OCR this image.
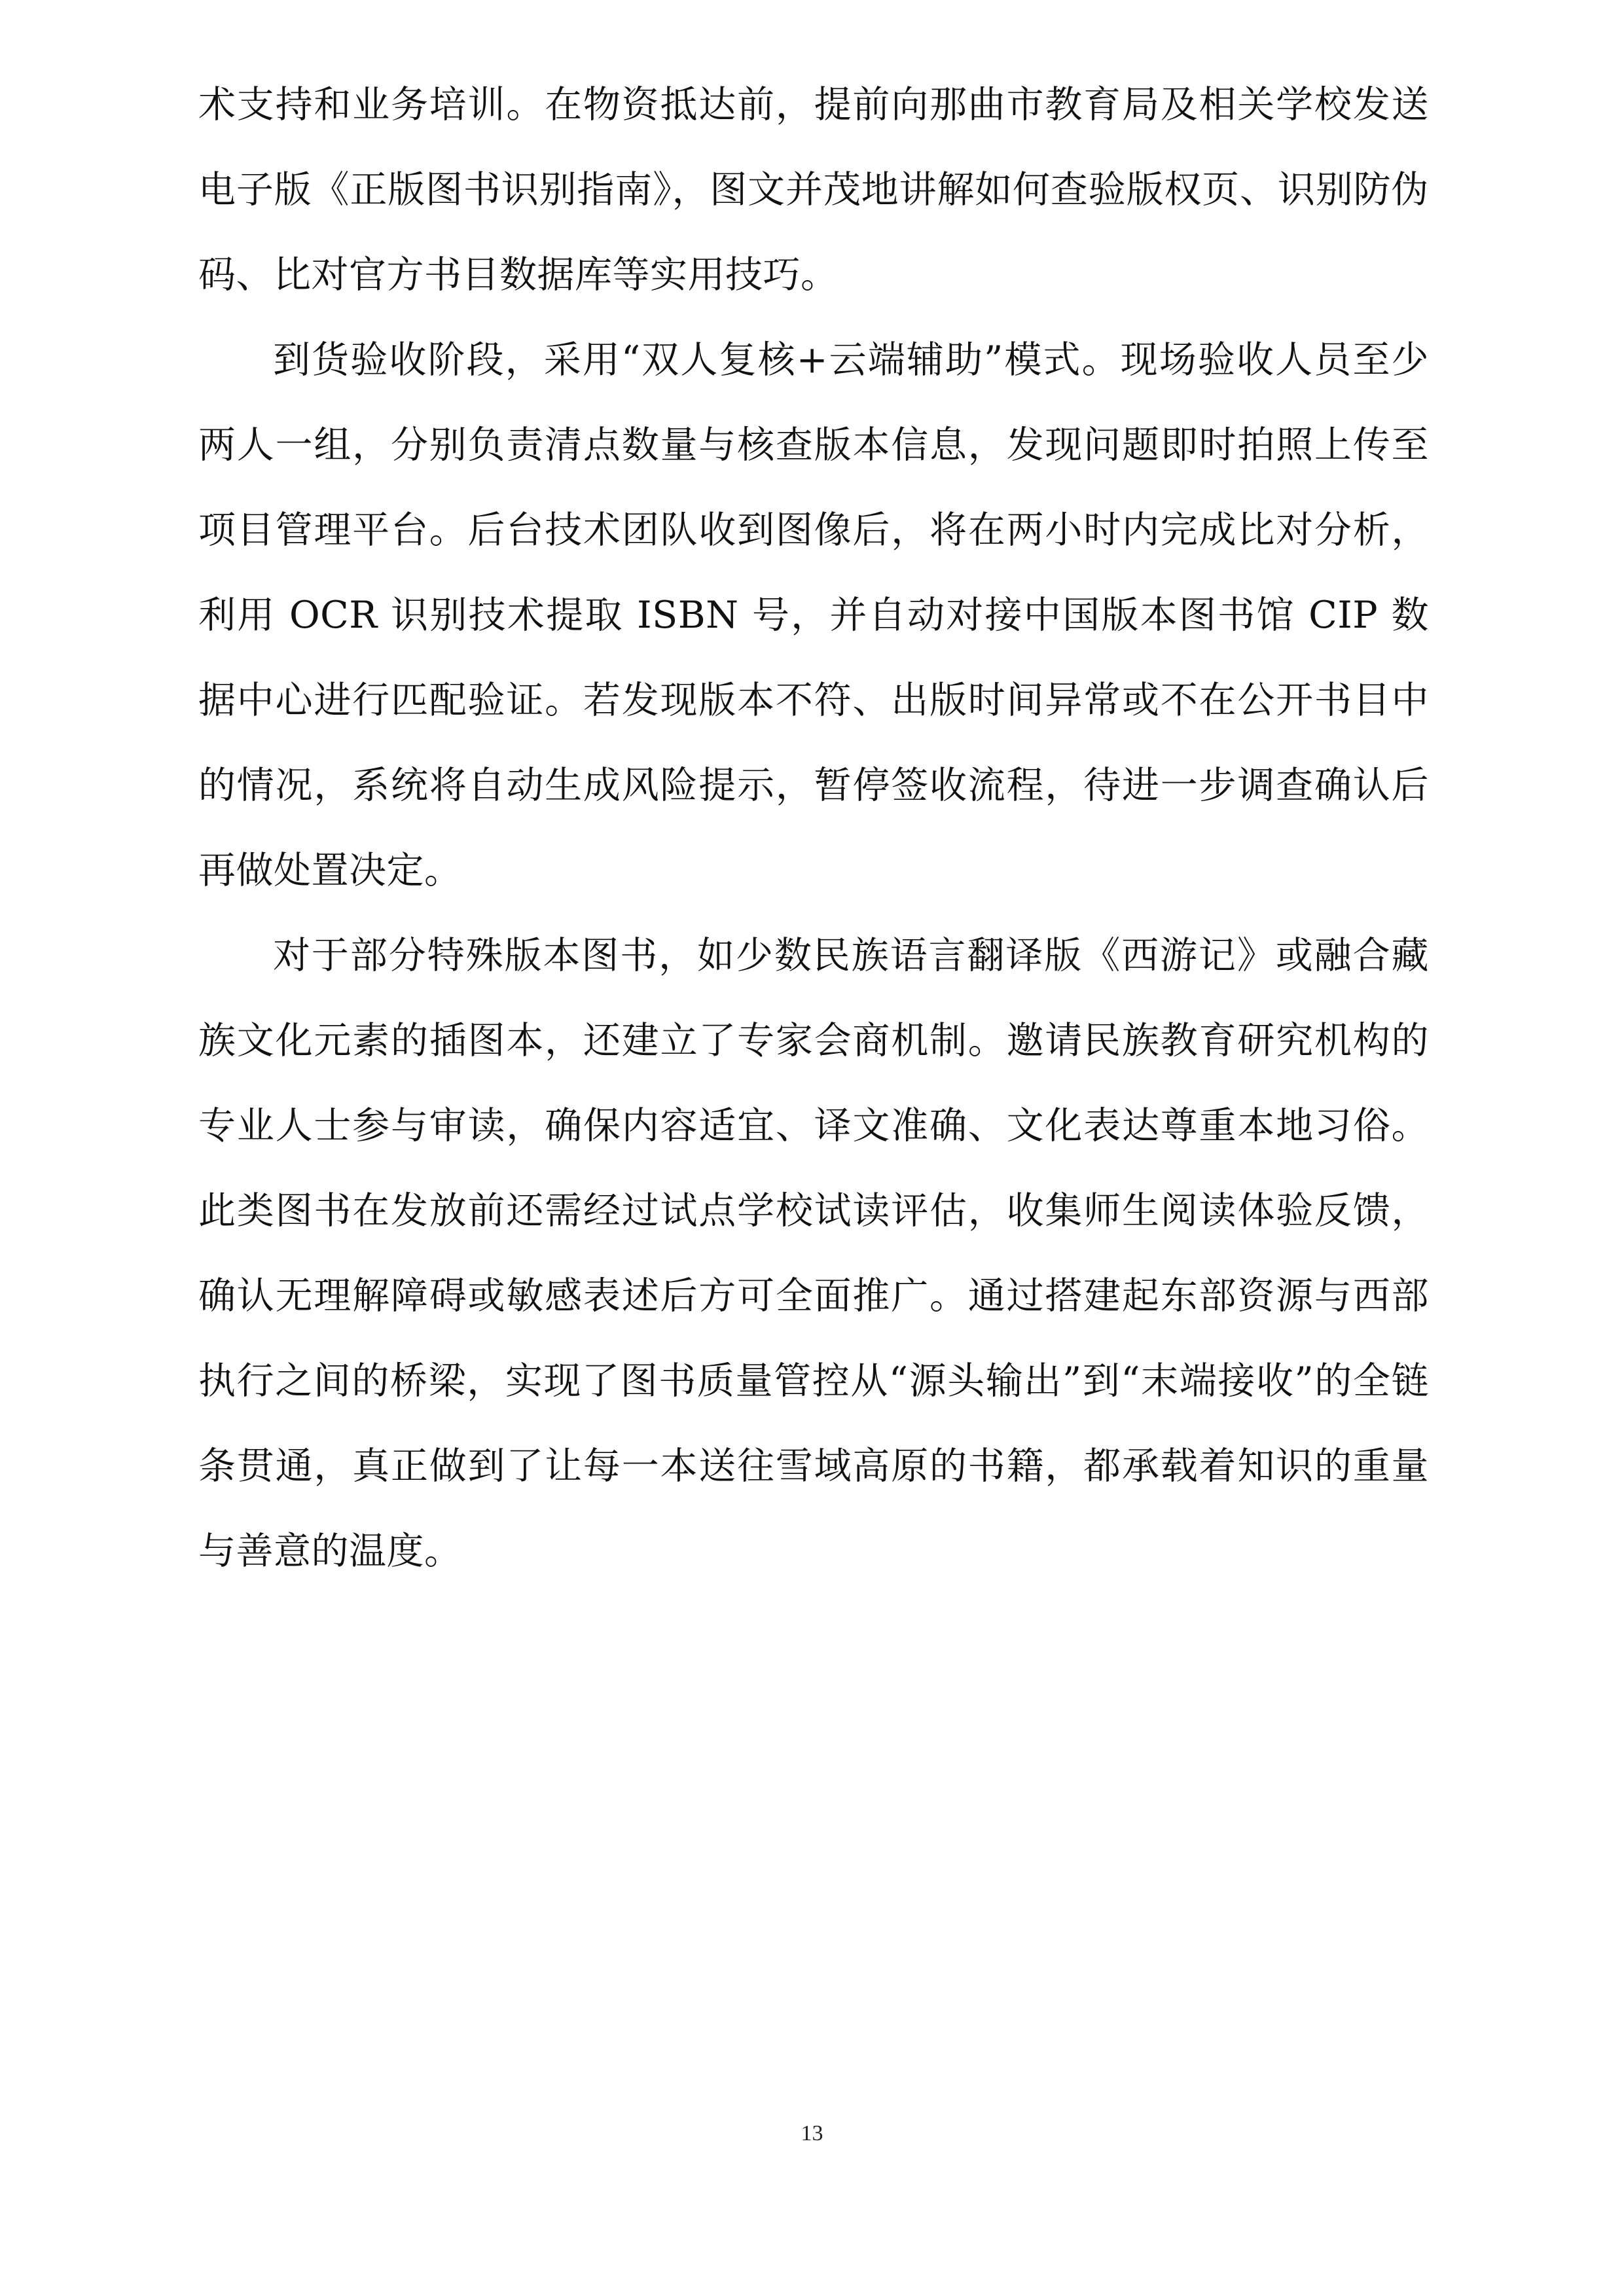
术支持和业务培训。在物资抵达前，提前向那曲市教育局及相关学校发送电子版《正版图书识别指南》，图文并茂地讲解如何查验版权页、识别防伪码、比对官方书目数据库等实用技巧。

到货验收阶段，采用“双人复核+云端辅助”模式。现场验收人员至少两人一组，分别负责清点数量与核查版本信息，发现问题即时拍照上传至项目管理平台。后台技术团队收到图像后，将在两小时内完成比对分析，利用 OCR 识别技术提取 ISBN 号，并自动对接中国版本图书馆 CIP 数据中心进行匹配验证。若发现版本不符、出版时间异常或不在公开书目中的情况，系统将自动生成风险提示，暂停签收流程，待进一步调查确认后再做处置决定。

对于部分特殊版本图书，如少数民族语言翻译版《西游记》或融合藏族文化元素的插图本，还建立了专家会商机制。邀请民族教育研究机构的专业人士参与审读，确保内容适宜、译文准确、文化表达尊重本地习俗。此类图书在发放前还需经过试点学校试读评估，收集师生阅读体验反馈，确认无理解障碍或敏感表述后方可全面推广。通过搭建起东部资源与西部执行之间的桥梁，实现了图书质量管控从“源头输出”到“末端接收”的全链条贯通，真正做到了让每一本送往雪域高原的书籍，都承载着知识的重量与善意的温度。

13
